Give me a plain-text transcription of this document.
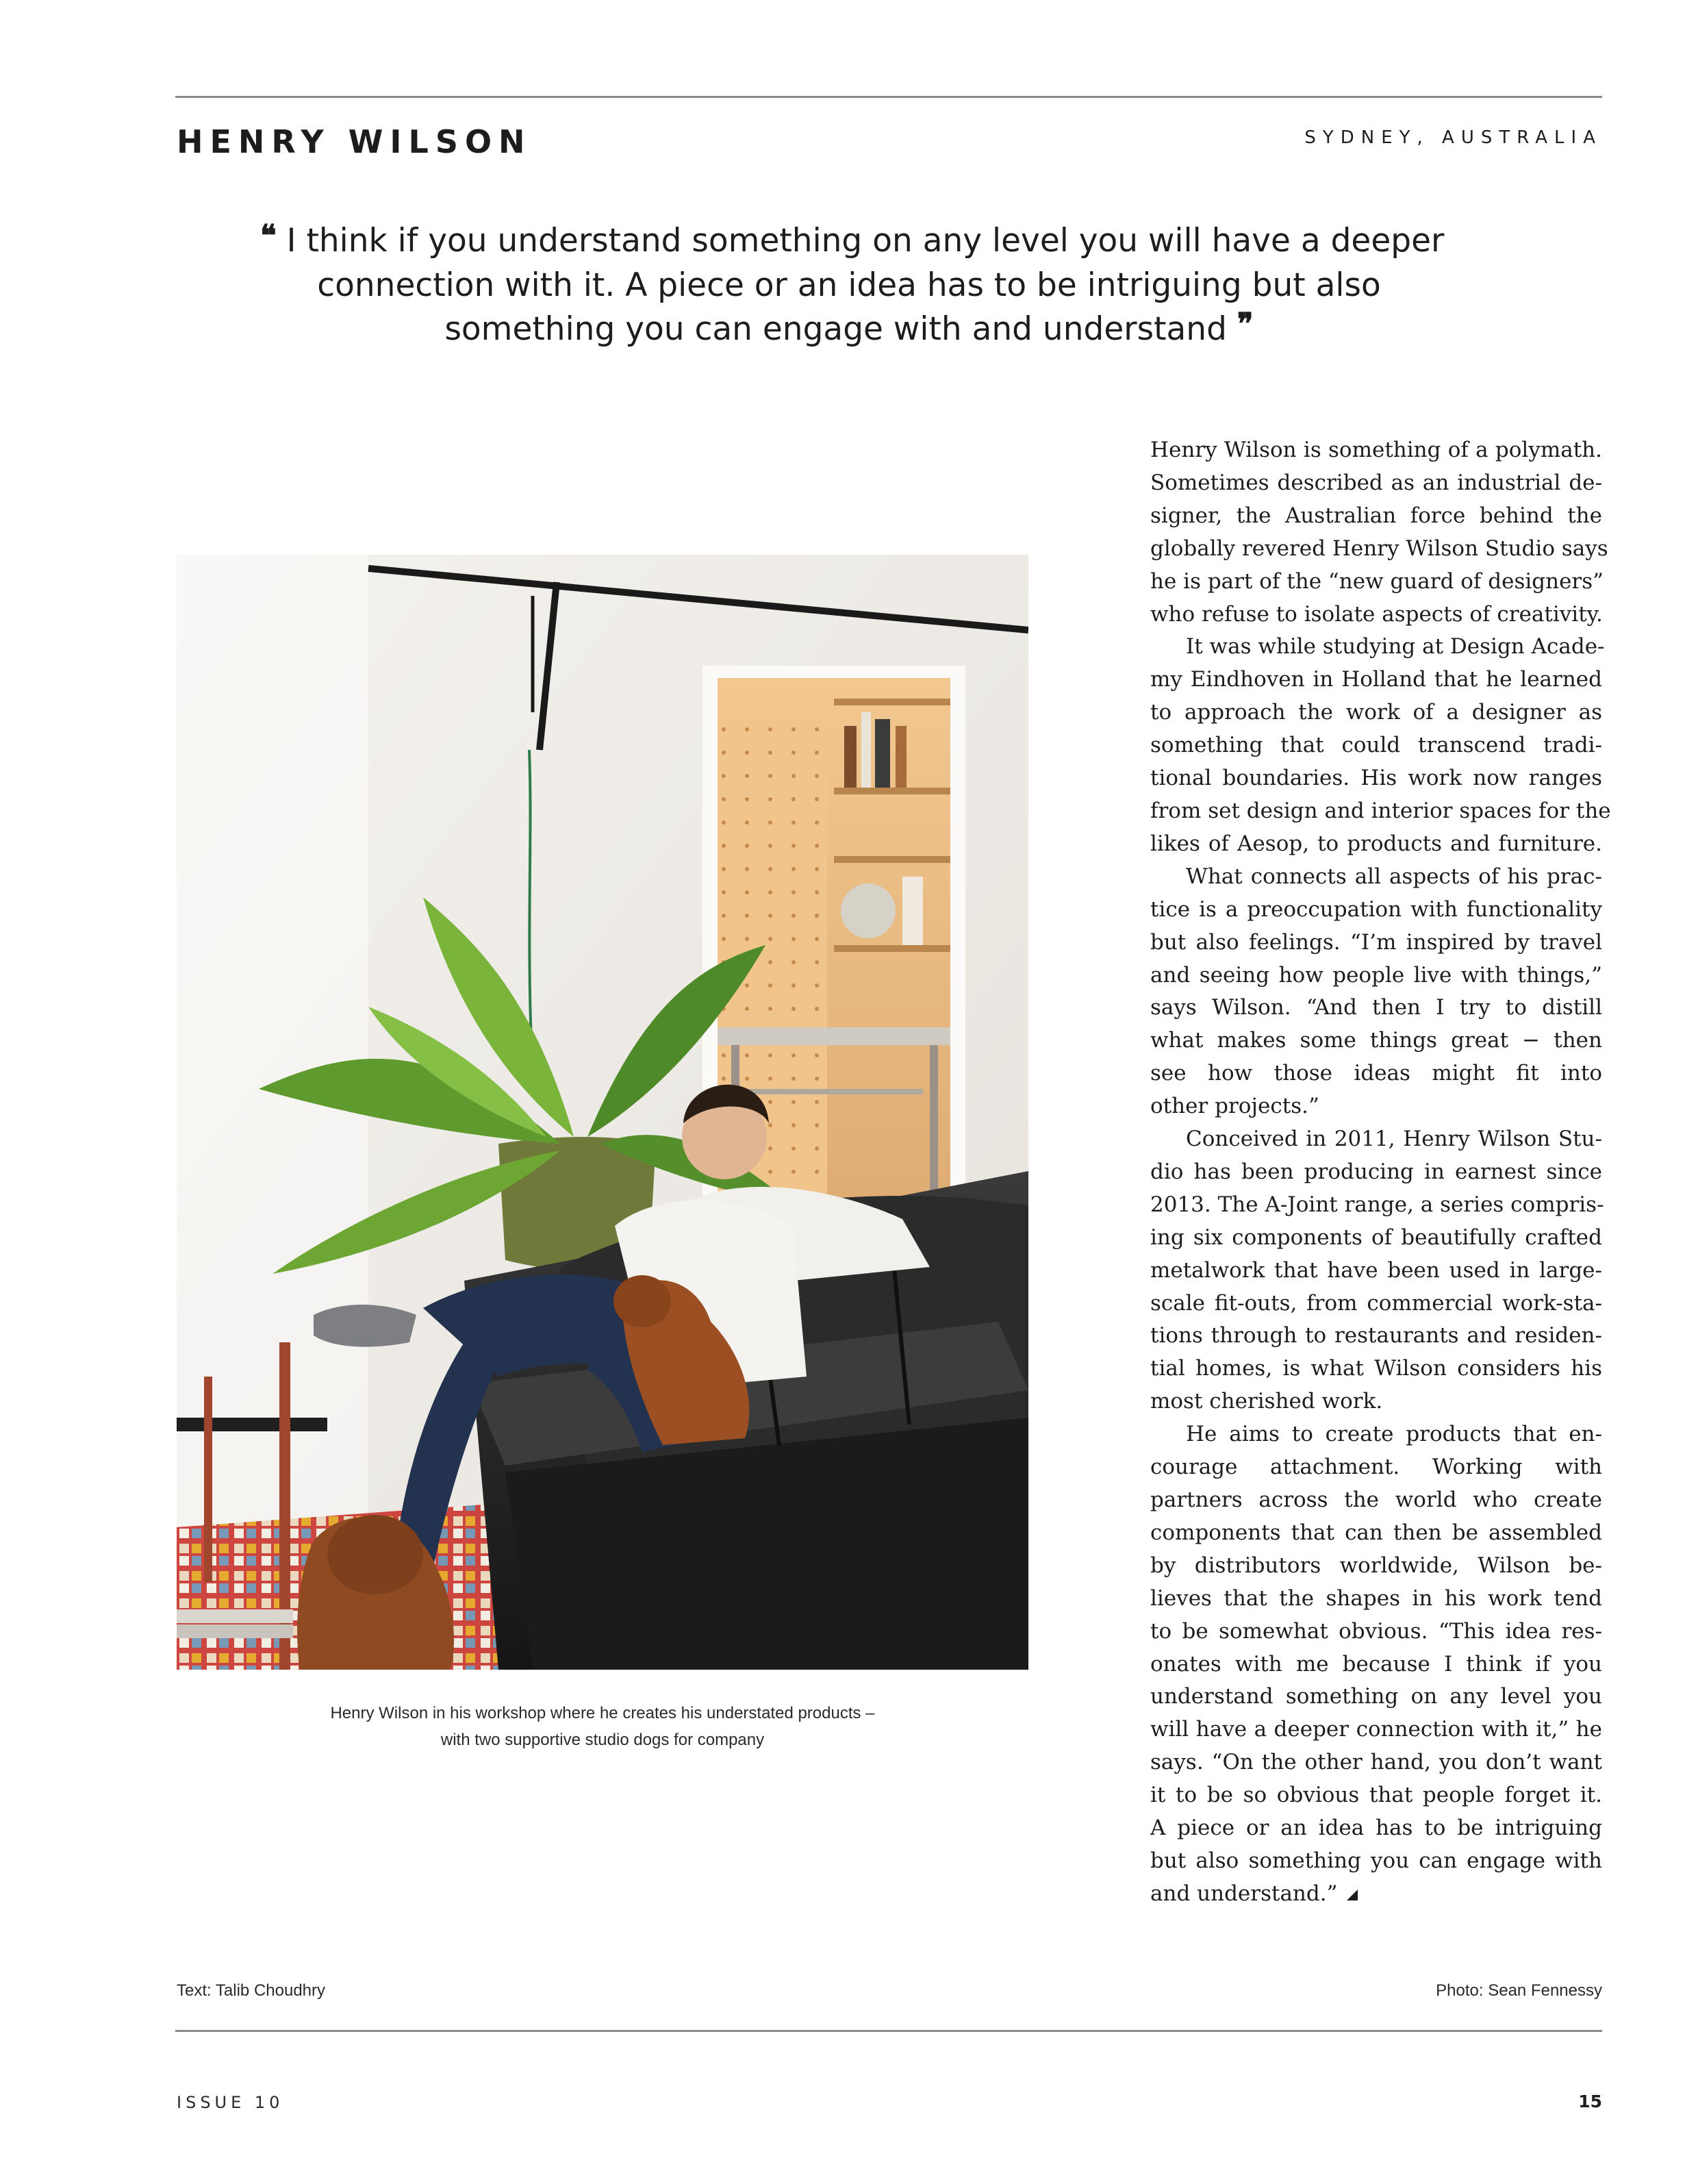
HENRY WILSON	SYDNEY, AUSTRALIA

❝ I think if you understand something on any level you will have a deeper
connection with it. A piece or an idea has to be intriguing but also
something you can engage with and understand ❞

Henry Wilson in his workshop where he creates his understated products –
with two supportive studio dogs for company
Henry Wilson is something of a polymath.
Sometimes described as an industrial de-
signer, the Australian force behind the
globally revered Henry Wilson Studio says
he is part of the “new guard of designers”
who refuse to isolate aspects of creativity.
It was while studying at Design Acade-
my Eindhoven in Holland that he learned
to approach the work of a designer as
something that could transcend tradi-
tional boundaries. His work now ranges
from set design and interior spaces for the
likes of Aesop, to products and furniture.
What connects all aspects of his prac-
tice is a preoccupation with functionality
but also feelings. “I’m inspired by travel
and seeing how people live with things,”
says Wilson. “And then I try to distill
what makes some things great − then
see how those ideas might fit into
other projects.”
Conceived in 2011, Henry Wilson Stu-
dio has been producing in earnest since
2013. The A-Joint range, a series compris-
ing six components of beautifully crafted
metalwork that have been used in large-
scale fit-outs, from commercial work-sta-
tions through to restaurants and residen-
tial homes, is what Wilson considers his
most cherished work.
He aims to create products that en-
courage attachment. Working with
partners across the world who create
components that can then be assembled
by distributors worldwide, Wilson be-
lieves that the shapes in his work tend
to be somewhat obvious. “This idea res-
onates with me because I think if you
understand something on any level you
will have a deeper connection with it,” he
says. “On the other hand, you don’t want
it to be so obvious that people forget it.
A piece or an idea has to be intriguing
but also something you can engage with
and understand.”
Text: Talib Choudhry	Photo: Sean Fennessy
ISSUE 10	15
